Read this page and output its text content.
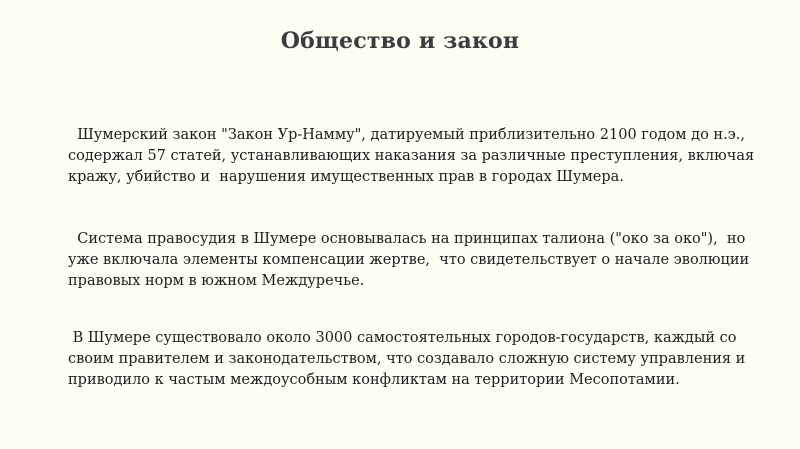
Общество и закон

Шумерский закон "Закон Ур-Намму", датируемый приблизительно 2100 годом до н.э., содержал 57 статей, устанавливающих наказания за различные преступления, включая кражу, убийство и  нарушения имущественных прав в городах Шумера.

Система правосудия в Шумере основывалась на принципах талиона ("око за око"),  но уже включала элементы компенсации жертве,  что свидетельствует о начале эволюции правовых норм в южном Междуречье.

В Шумере существовало около 3000 самостоятельных городов-государств, каждый со своим правителем и законодательством, что создавало сложную систему управления и приводило к частым междоусобным конфликтам на территории Месопотамии.
